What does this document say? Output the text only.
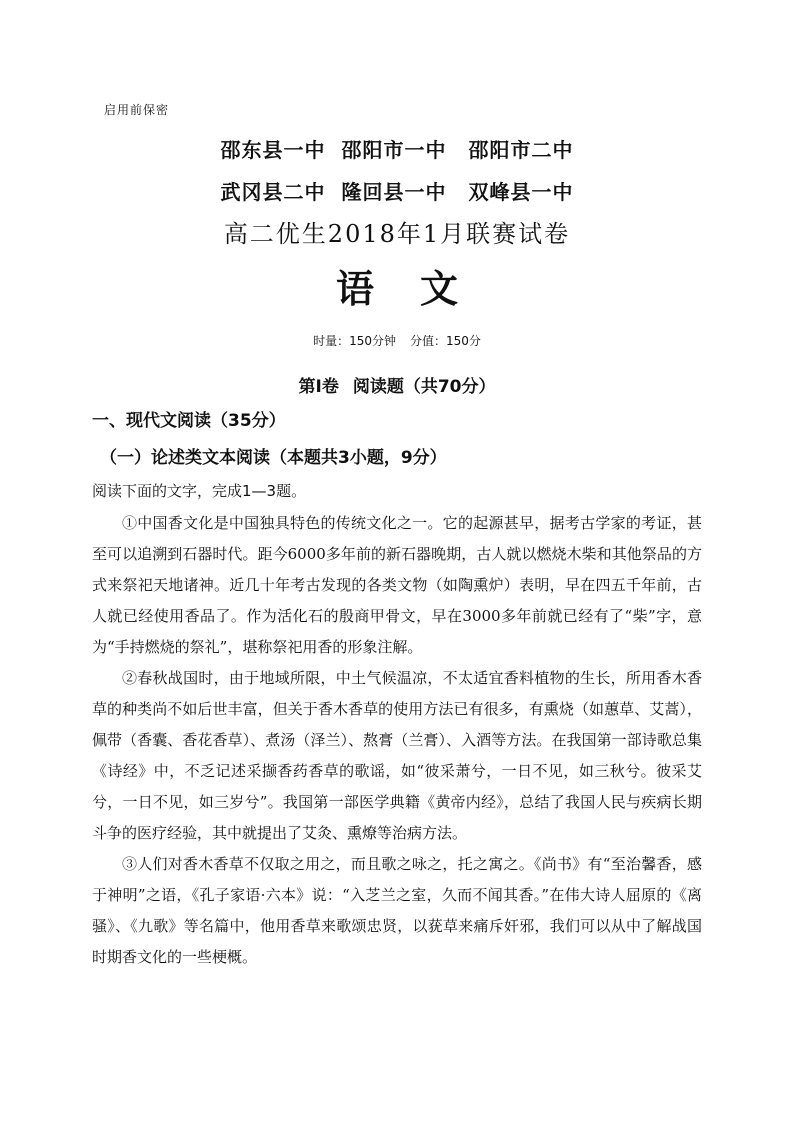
启用前保密
邵东县一中 邵阳市一中 邵阳市二中
武冈县二中 隆回县一中 双峰县一中
高二优生2018年1月联赛试卷
语文
时量：150分钟 分值：150分
第I卷 阅读题（共70分）
一、现代文阅读（35分）
（一）论述类文本阅读（本题共3小题，9分）
阅读下面的文字，完成1—3题。

①中国香文化是中国独具特色的传统文化之一。它的起源甚早，据考古学家的考证，甚至可以追溯到石器时代。距今6000多年前的新石器晚期，古人就以燃烧木柴和其他祭品的方式来祭祀天地诸神。近几十年考古发现的各类文物（如陶熏炉）表明，早在四五千年前，古人就已经使用香品了。作为活化石的殷商甲骨文，早在3000多年前就已经有了“柴”字，意为“手持燃烧的祭礼”，堪称祭祀用香的形象注解。

②春秋战国时，由于地域所限，中土气候温凉，不太适宜香料植物的生长，所用香木香草的种类尚不如后世丰富，但关于香木香草的使用方法已有很多，有熏烧（如蕙草、艾蒿），佩带（香囊、香花香草）、煮汤（泽兰）、熬膏（兰膏）、入酒等方法。在我国第一部诗歌总集《诗经》中，不乏记述采撷香药香草的歌谣，如“彼采萧兮，一日不见，如三秋兮。彼采艾兮，一日不见，如三岁兮”。我国第一部医学典籍《黄帝内经》，总结了我国人民与疾病长期斗争的医疗经验，其中就提出了艾灸、熏燎等治病方法。

③人们对香木香草不仅取之用之，而且歌之咏之，托之寓之。《尚书》有“至治馨香，感于神明”之语，《孔子家语·六本》说：“入芝兰之室，久而不闻其香。”在伟大诗人屈原的《离骚》、《九歌》等名篇中，他用香草来歌颂忠贤，以莸草来痛斥奸邪，我们可以从中了解战国时期香文化的一些梗概。
